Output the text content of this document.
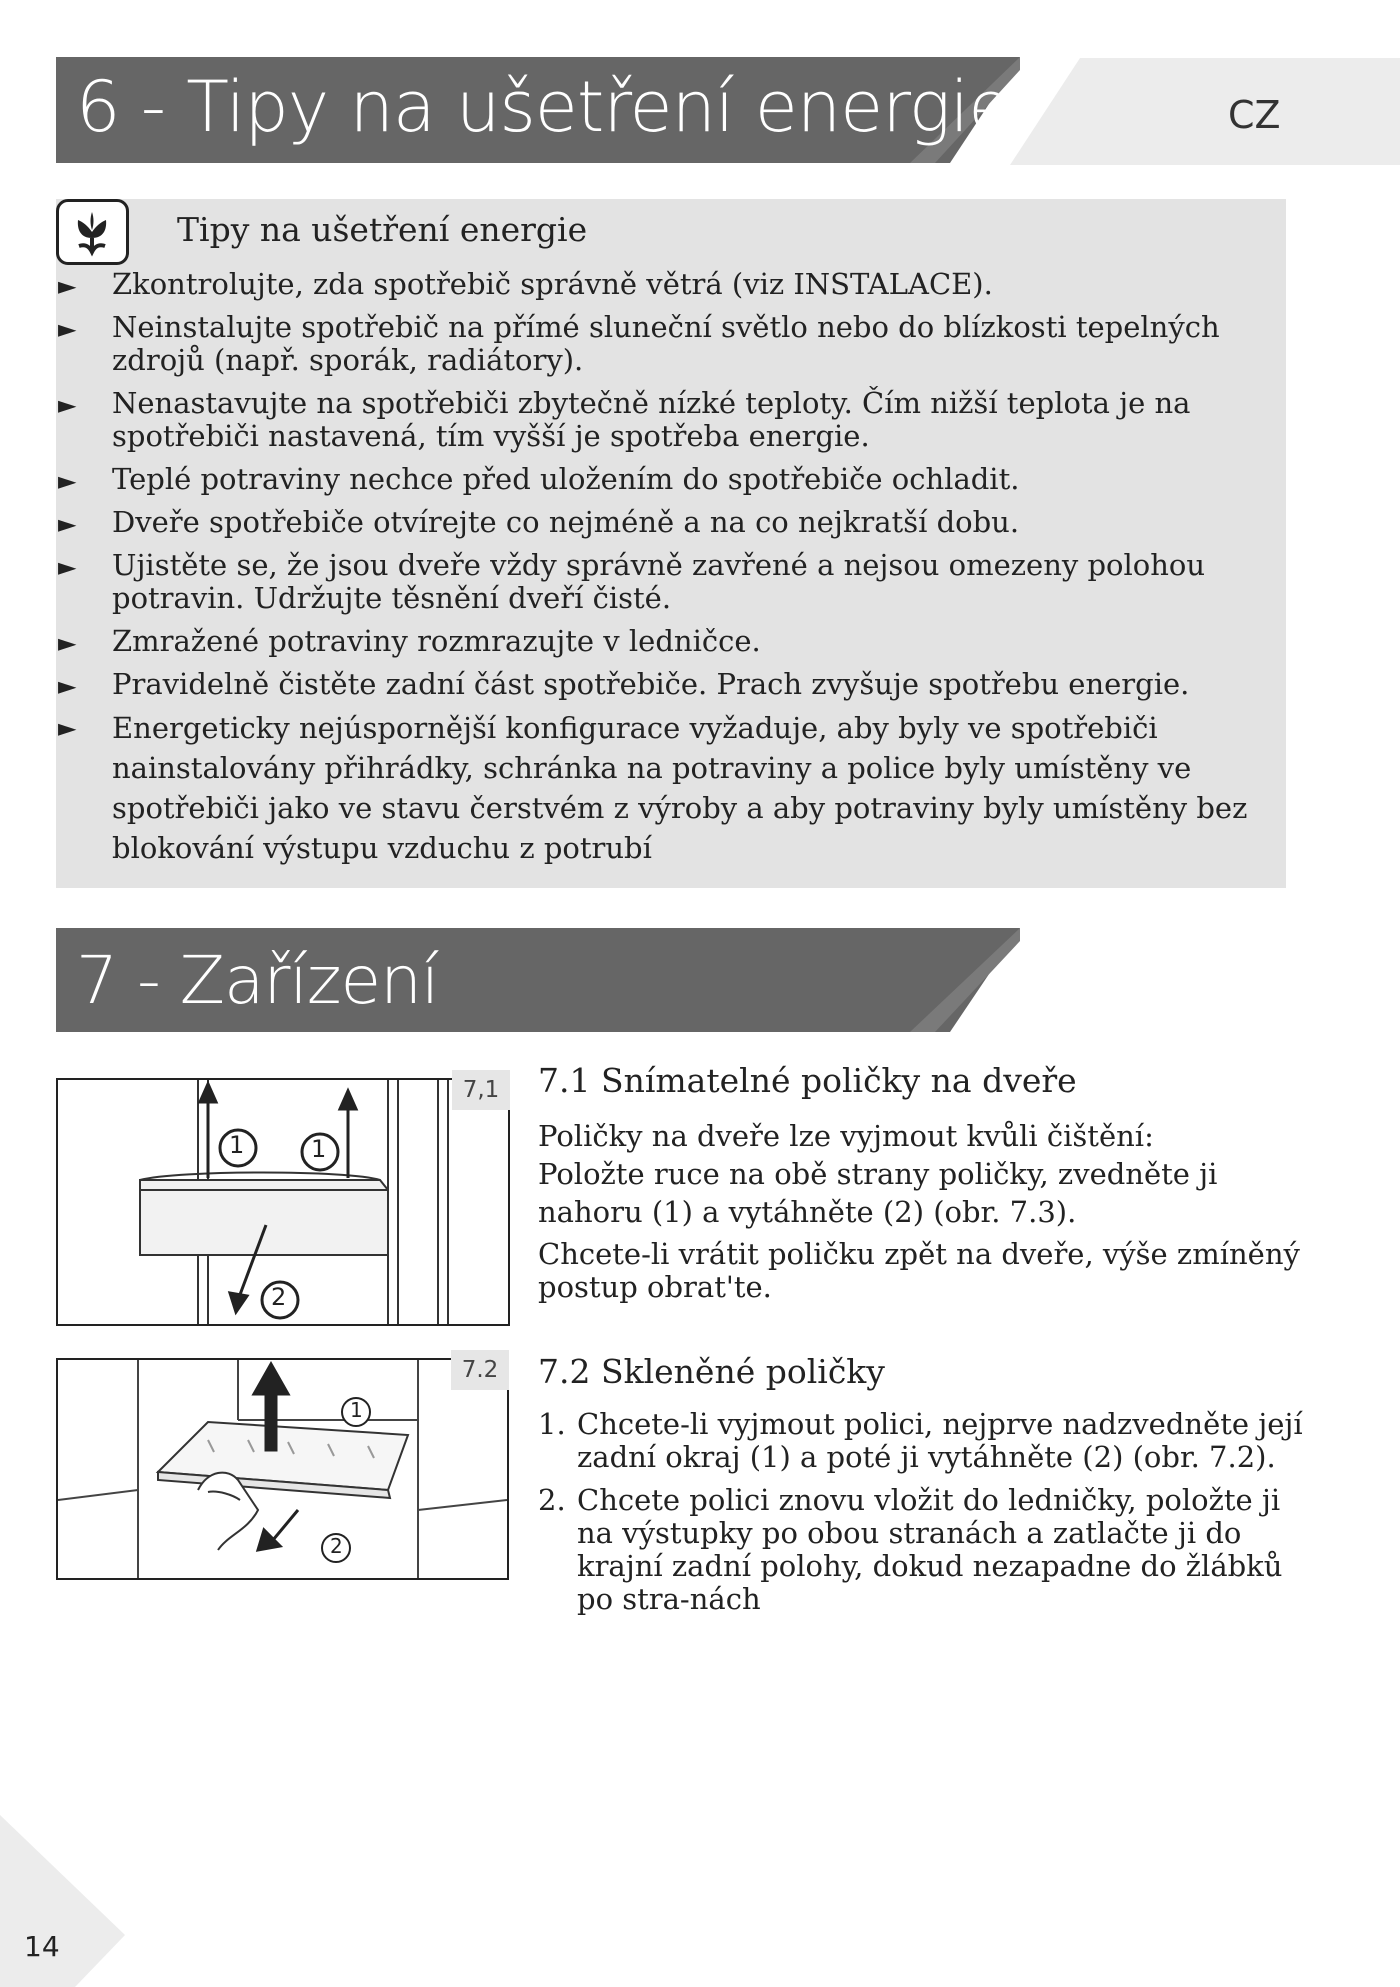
6 - Tipy na ušetření energie	CZ
Tipy na ušetření energie
► Zkontrolujte, zda spotřebič správně větrá (viz INSTALACE).
► Neinstalujte spotřebič na přímé sluneční světlo nebo do blízkosti tepelných
zdrojů (např. sporák, radiátory).
► Nenastavujte na spotřebiči zbytečně nízké teploty. Čím nižší teplota je na
spotřebiči nastavená, tím vyšší je spotřeba energie.
► Teplé potraviny nechce před uložením do spotřebiče ochladit.
► Dveře spotřebiče otvírejte co nejméně a na co nejkratší dobu.
► Ujistěte se, že jsou dveře vždy správně zavřené a nejsou omezeny polohou
potravin. Udržujte těsnění dveří čisté.
► Zmražené potraviny rozmrazujte v ledničce.
► Pravidelně čistěte zadní část spotřebiče. Prach zvyšuje spotřebu energie.
► Energeticky nejúspornější konfigurace vyžaduje, aby byly ve spotřebiči
nainstalovány přihrádky, schránka na potraviny a police byly umístěny ve
spotřebiči jako ve stavu čerstvém z výroby a aby potraviny byly umístěny bez
blokování výstupu vzduchu z potrubí
7 - Zařízení
1	1
2
7,1
1
2
7.2
7.1 Snímatelné poličky na dveře
Poličky na dveře lze vyjmout kvůli čištění:
Položte ruce na obě strany poličky, zvedněte ji
nahoru (1) a vytáhněte (2) (obr. 7.3).
Chcete-li vrátit poličku zpět na dveře, výše zmíněný
postup obrat'te.
7.2 Skleněné poličky
1. Chcete-li vyjmout polici, nejprve nadzvedněte její
zadní okraj (1) a poté ji vytáhněte (2) (obr. 7.2).
2. Chcete polici znovu vložit do ledničky, položte ji
na výstupky po obou stranách a zatlačte ji do
krajní zadní polohy, dokud nezapadne do žlábků
po stra-nách
14
